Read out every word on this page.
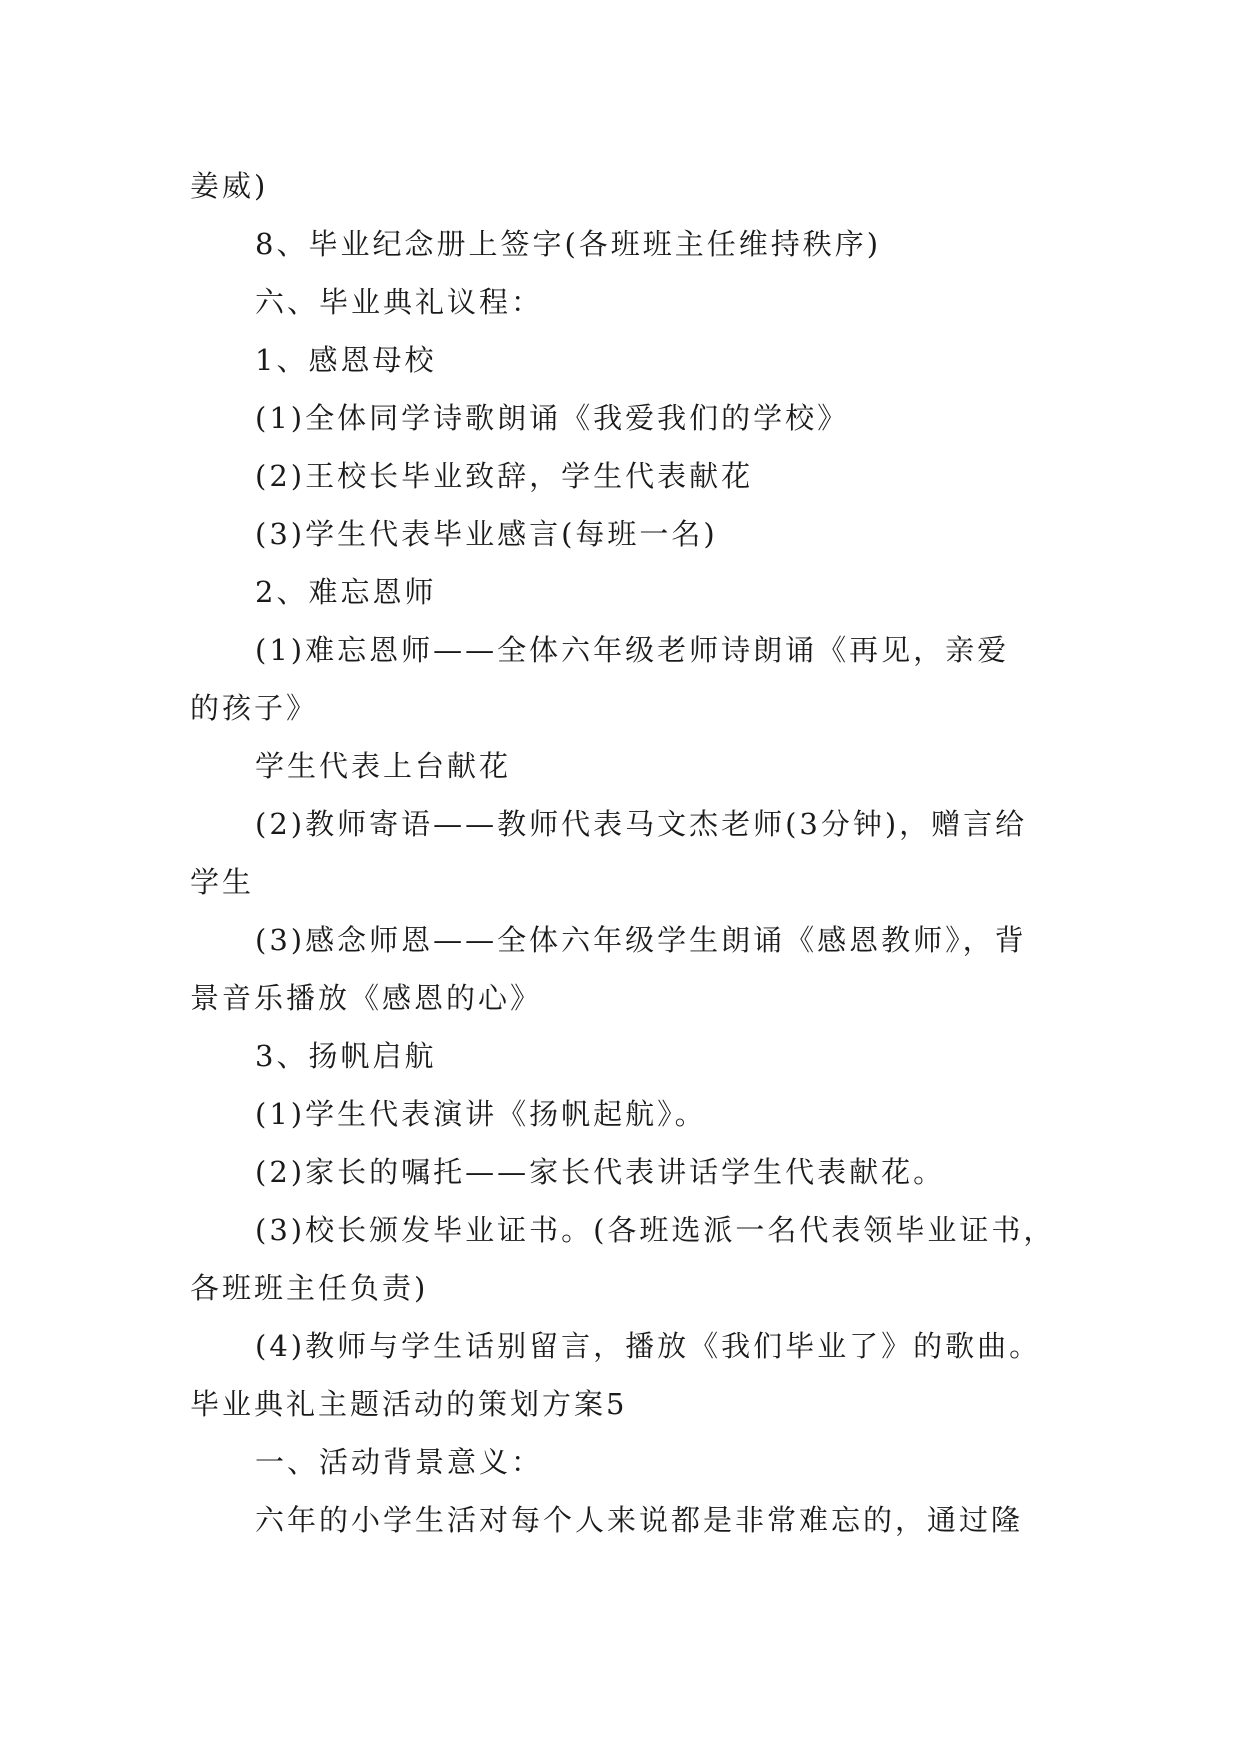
姜威)
8、毕业纪念册上签字(各班班主任维持秩序)
六、毕业典礼议程：
1、感恩母校
(1)全体同学诗歌朗诵《我爱我们的学校》
(2)王校长毕业致辞，学生代表献花
(3)学生代表毕业感言(每班一名)
2、难忘恩师
(1)难忘恩师——全体六年级老师诗朗诵《再见，亲爱
的孩子》
学生代表上台献花
(2)教师寄语——教师代表马文杰老师(3分钟)，赠言给
学生
(3)感念师恩——全体六年级学生朗诵《感恩教师》，背
景音乐播放《感恩的心》
3、扬帆启航
(1)学生代表演讲《扬帆起航》。
(2)家长的嘱托——家长代表讲话学生代表献花。
(3)校长颁发毕业证书。(各班选派一名代表领毕业证书，
各班班主任负责)
(4)教师与学生话别留言，播放《我们毕业了》的歌曲。
毕业典礼主题活动的策划方案5
一、活动背景意义：
六年的小学生活对每个人来说都是非常难忘的，通过隆
